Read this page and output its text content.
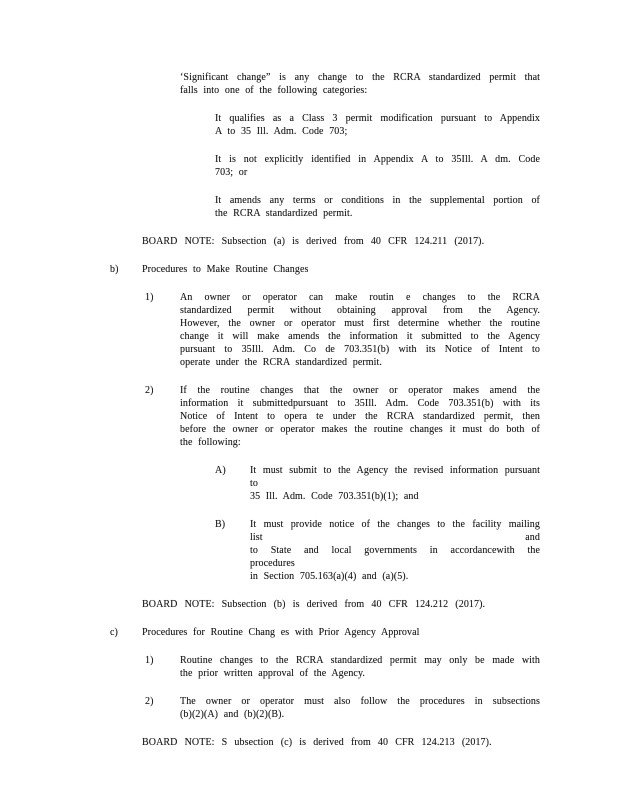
‘Significant change” is any change to the RCRA standardized permit that
falls into one of the following categories:
It qualifies as a Class 3 permit modification pursuant to Appendix
A to 35 Ill. Adm. Code 703;
It is not explicitly identified in Appendix A to 35Ill. A dm. Code
703; or
It amends any terms or conditions in the supplemental portion of
the RCRA standardized permit.
BOARD NOTE: Subsection (a) is derived from 40 CFR 124.211 (2017).
b) Procedures to Make Routine Changes
1)	An owner or operator can make routin e changes to the RCRA
standardized permit without obtaining approval from the Agency.
However, the owner or operator must first determine whether the routine
change it will make amends the information it submitted to the Agency
pursuant to 35Ill. Adm. Co de 703.351(b) with its Notice of Intent to
operate under the RCRA standardized permit.
2)	If the routine changes that the owner or operator makes amend the
information it submittedpursuant to 35Ill. Adm. Code 703.351(b) with its
Notice of Intent to opera te under the RCRA standardized permit, then
before the owner or operator makes the routine changes it must do both of
the following:
A) It must submit to the Agency the revised information pursuant to
35 Ill. Adm. Code 703.351(b)(1); and
B) It must provide notice of the changes to the facility mailing list and
to State and local governments in accordancewith the procedures
in Section 705.163(a)(4) and (a)(5).
BOARD NOTE: Subsection (b) is derived from 40 CFR 124.212 (2017).
c) Procedures for Routine Chang es with Prior Agency Approval
1)	Routine changes to the RCRA standardized permit may only be made with
the prior written approval of the Agency.
2)	The owner or operator must also follow the procedures in subsections
(b)(2)(A) and (b)(2)(B).
BOARD NOTE: S ubsection (c) is derived from 40 CFR 124.213 (2017).
